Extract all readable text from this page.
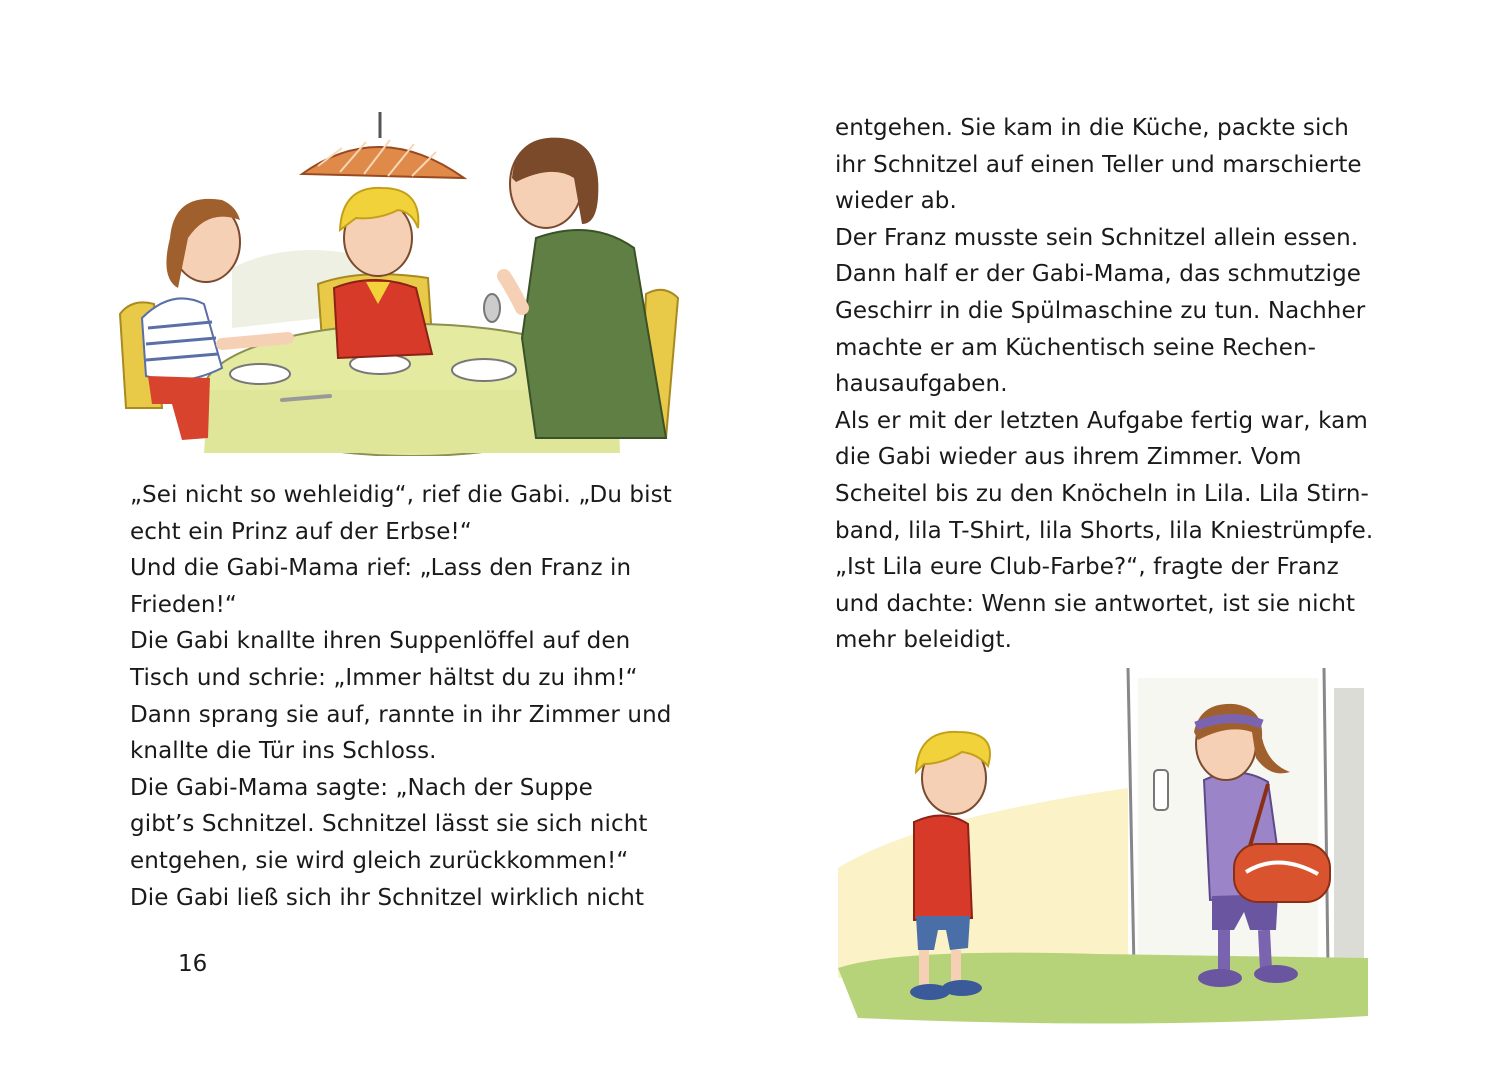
„Sei nicht so wehleidig“, rief die Gabi. „Du bist
echt ein Prinz auf der Erbse!“
Und die Gabi-Mama rief: „Lass den Franz in
Frieden!“
Die Gabi knallte ihren Suppenlöffel auf den
Tisch und schrie: „Immer hältst du zu ihm!“
Dann sprang sie auf, rannte in ihr Zimmer und
knallte die Tür ins Schloss.
Die Gabi-Mama sagte: „Nach der Suppe
gibt’s Schnitzel. Schnitzel lässt sie sich nicht
entgehen, sie wird gleich zurückkommen!“
Die Gabi ließ sich ihr Schnitzel wirklich nicht
16
entgehen. Sie kam in die Küche, packte sich
ihr Schnitzel auf einen Teller und marschierte
wieder ab.
Der Franz musste sein Schnitzel allein essen.
Dann half er der Gabi-Mama, das schmutzige
Geschirr in die Spülmaschine zu tun. Nachher
machte er am Küchentisch seine Rechen-
hausaufgaben.
Als er mit der letzten Aufgabe fertig war, kam
die Gabi wieder aus ihrem Zimmer. Vom
Scheitel bis zu den Knöcheln in Lila. Lila Stirn-
band, lila T-Shirt, lila Shorts, lila Kniestrümpfe.
„Ist Lila eure Club-Farbe?“, fragte der Franz
und dachte: Wenn sie antwortet, ist sie nicht
mehr beleidigt.
